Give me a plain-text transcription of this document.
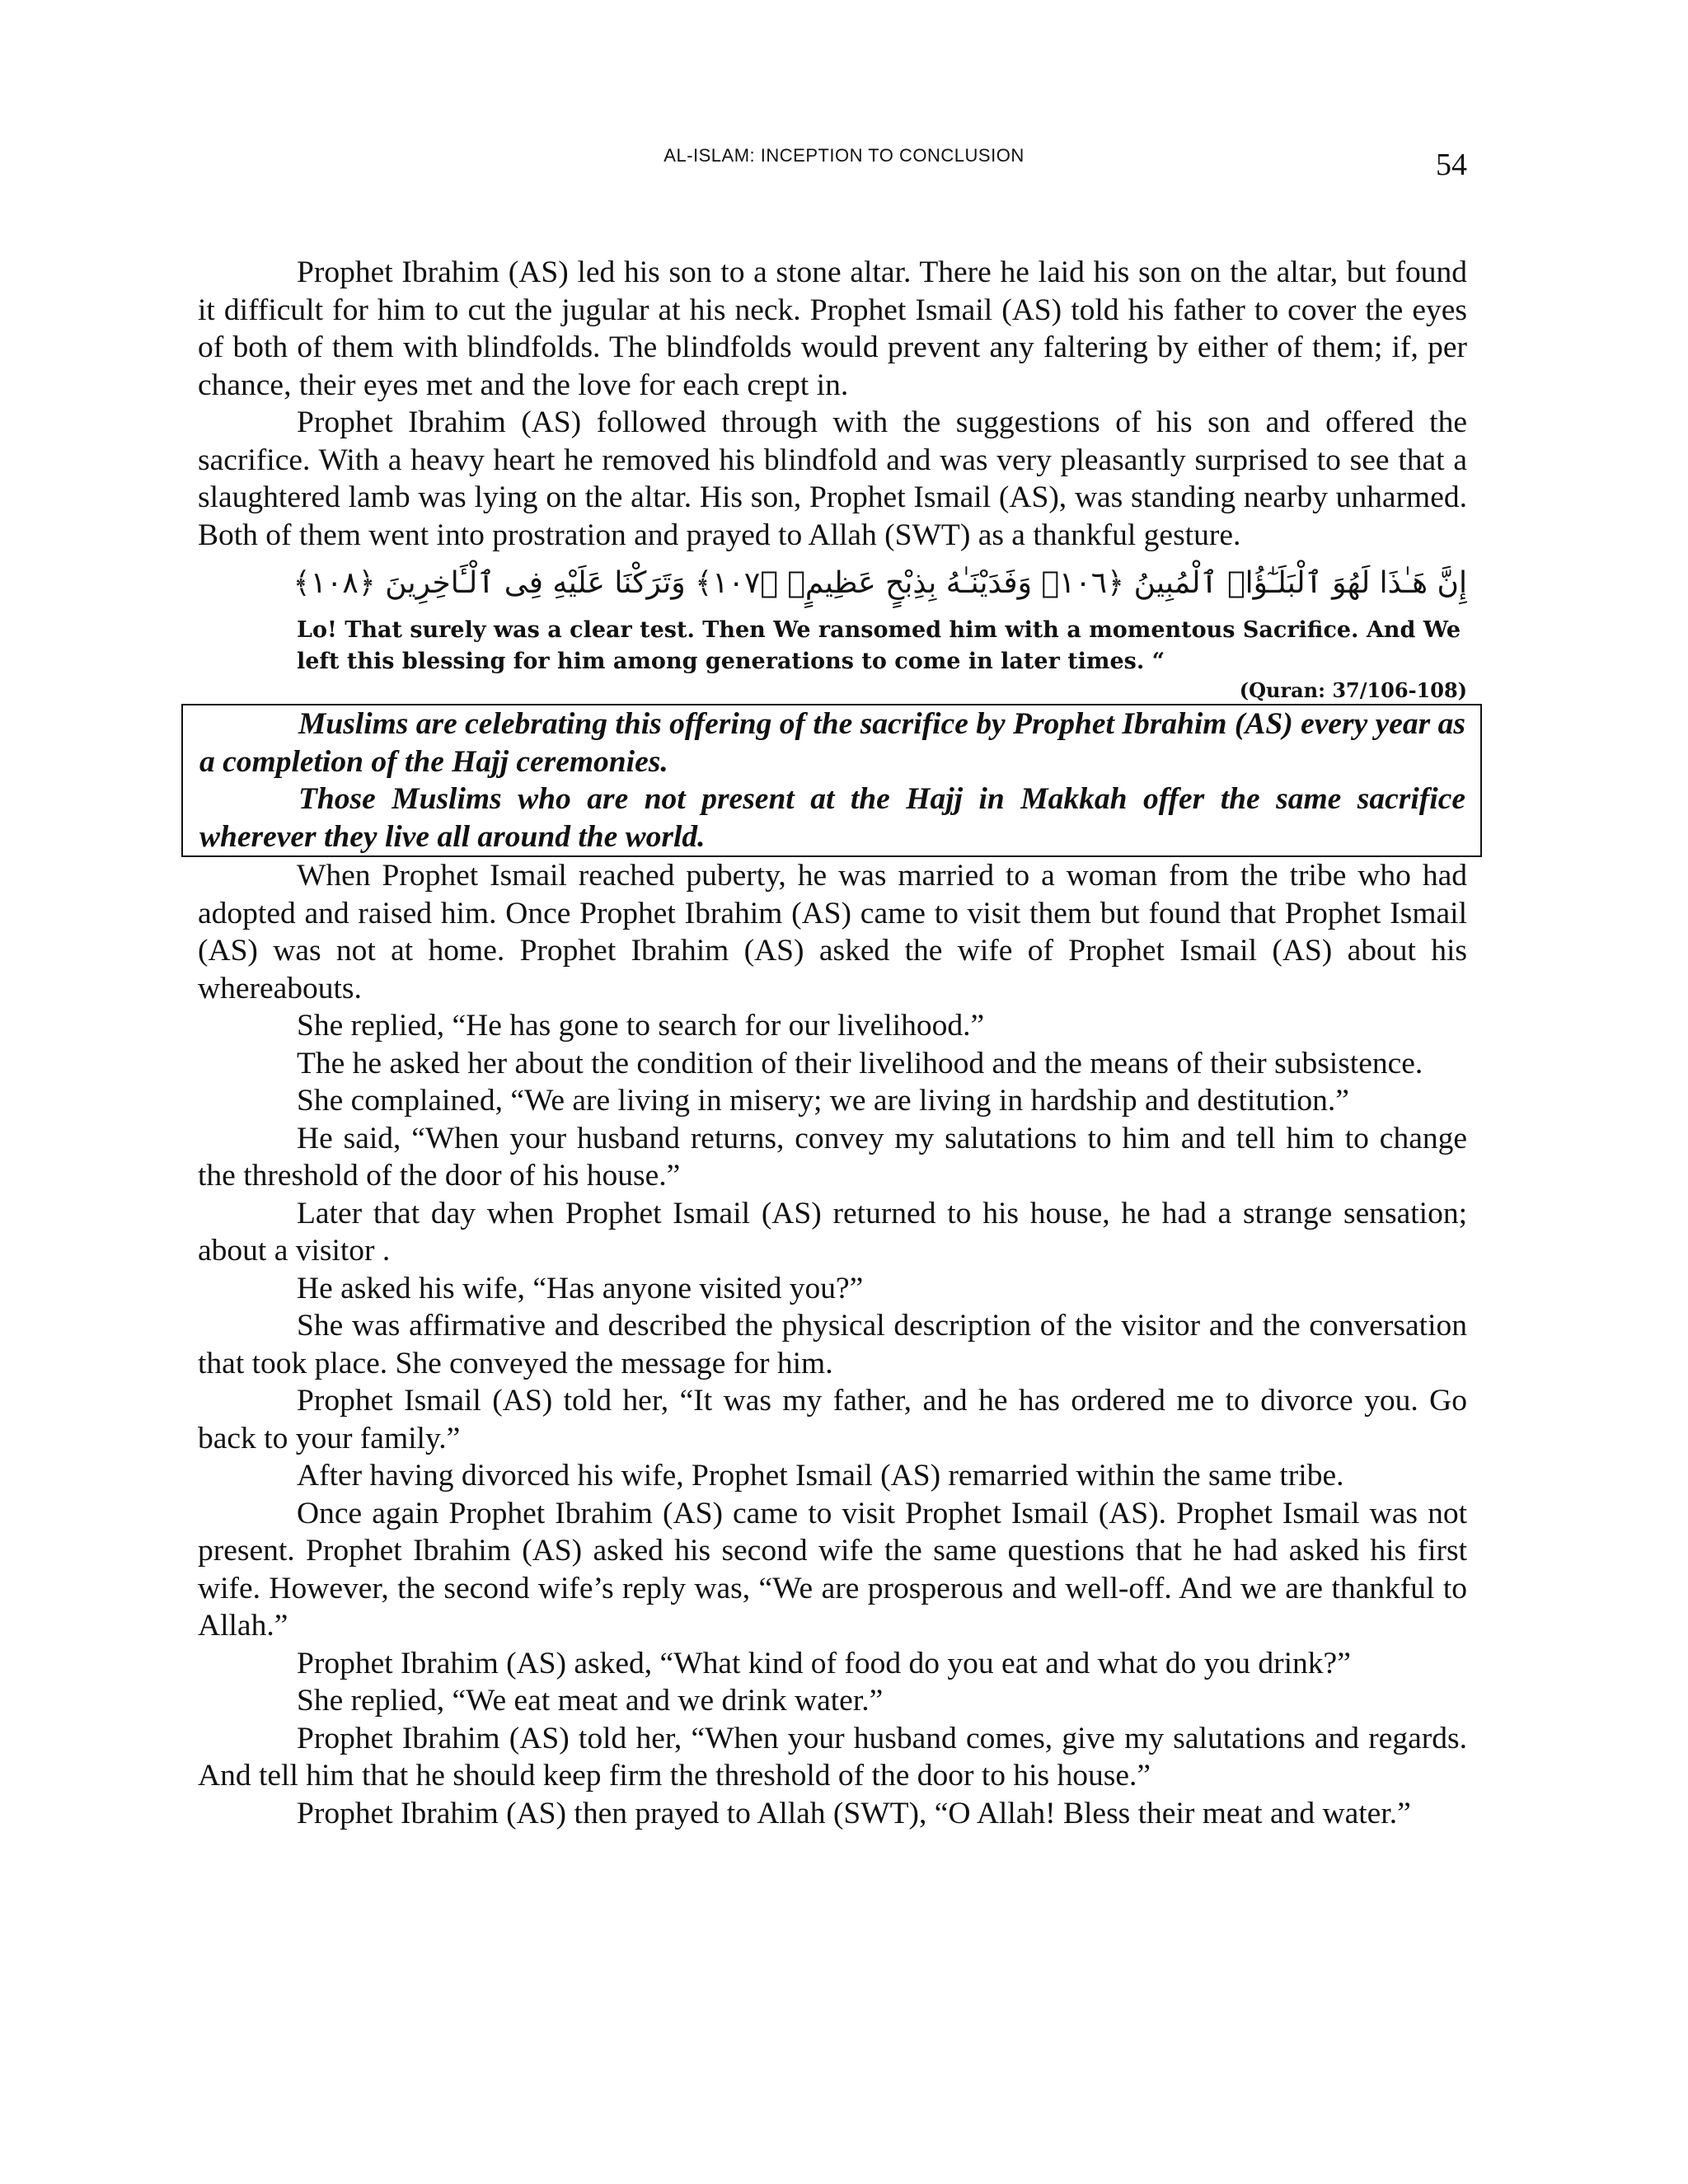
AL-ISLAM: INCEPTION TO CONCLUSION	54

Prophet Ibrahim (AS) led his son to a stone altar. There he laid his son on the altar, but found it difficult for him to cut the jugular at his neck. Prophet Ismail (AS) told his father to cover the eyes of both of them with blindfolds. The blindfolds would prevent any faltering by either of them; if, per chance, their eyes met and the love for each crept in.

Prophet Ibrahim (AS) followed through with the suggestions of his son and offered the sacrifice. With a heavy heart he removed his blindfold and was very pleasantly surprised to see that a slaughtered lamb was lying on the altar. His son, Prophet Ismail (AS), was standing nearby unharmed. Both of them went into prostration and prayed to Allah (SWT) as a thankful gesture.

إِنَّ هَـٰذَا لَهُوَ ٱلْبَلَـٰٓؤُا۟ ٱلْمُبِينُ ﴿١٠٦﴾ وَفَدَيْنَـٰهُ بِذِبْحٍ عَظِيمٍۢ ﴿١٠٧﴾ وَتَرَكْنَا عَلَيْهِ فِى ٱلْـَٔاخِرِينَ ﴿١٠٨﴾
Lo! That surely was a clear test. Then We ransomed him with a momentous Sacrifice. And We left this blessing for him among generations to come in later times. “
(Quran: 37/106-108)

Muslims are celebrating this offering of the sacrifice by Prophet Ibrahim (AS) every year as a completion of the Hajj ceremonies.

Those Muslims who are not present at the Hajj in Makkah offer the same sacrifice wherever they live all around the world.

When Prophet Ismail reached puberty, he was married to a woman from the tribe who had adopted and raised him. Once Prophet Ibrahim (AS) came to visit them but found that Prophet Ismail (AS) was not at home. Prophet Ibrahim (AS) asked the wife of Prophet Ismail (AS) about his whereabouts.

She replied, “He has gone to search for our livelihood.”

The he asked her about the condition of their livelihood and the means of their subsistence.

She complained, “We are living in misery; we are living in hardship and destitution.”

He said, “When your husband returns, convey my salutations to him and tell him to change the threshold of the door of his house.”

Later that day when Prophet Ismail (AS) returned to his house, he had a strange sensation; about a visitor .

He asked his wife, “Has anyone visited you?”

She was affirmative and described the physical description of the visitor and the conversation that took place. She conveyed the message for him.

Prophet Ismail (AS) told her, “It was my father, and he has ordered me to divorce you. Go back to your family.”

After having divorced his wife, Prophet Ismail (AS) remarried within the same tribe.

Once again Prophet Ibrahim (AS) came to visit Prophet Ismail (AS). Prophet Ismail was not present. Prophet Ibrahim (AS) asked his second wife the same questions that he had asked his first wife. However, the second wife’s reply was, “We are prosperous and well-off. And we are thankful to Allah.”

Prophet Ibrahim (AS) asked, “What kind of food do you eat and what do you drink?”

She replied, “We eat meat and we drink water.”

Prophet Ibrahim (AS) told her, “When your husband comes, give my salutations and regards. And tell him that he should keep firm the threshold of the door to his house.”

Prophet Ibrahim (AS) then prayed to Allah (SWT), “O Allah! Bless their meat and water.”
